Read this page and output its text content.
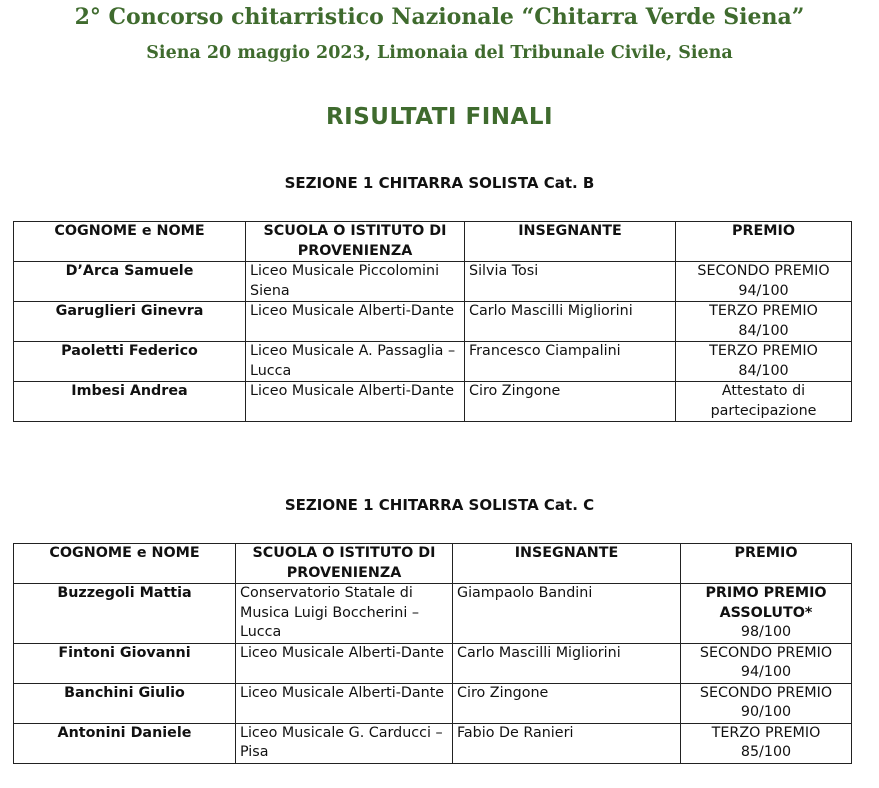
2° Concorso chitarristico Nazionale “Chitarra Verde Siena”
Siena 20 maggio 2023, Limonaia del Tribunale Civile, Siena
RISULTATI FINALI
SEZIONE 1 CHITARRA SOLISTA Cat. B
COGNOME e NOME	SCUOLA O ISTITUTO DI PROVENIENZA	INSEGNANTE	PREMIO
D’Arca Samuele	Liceo Musicale Piccolomini Siena	Silvia Tosi	SECONDO PREMIO
94/100

Garuglieri Ginevra	Liceo Musicale Alberti-Dante	Carlo Mascilli Migliorini	TERZO PREMIO
84/100

Paoletti Federico	Liceo Musicale A. Passaglia – Lucca	Francesco Ciampalini	TERZO PREMIO
84/100

Imbesi Andrea	Liceo Musicale Alberti-Dante	Ciro Zingone	Attestato di partecipazione
SEZIONE 1 CHITARRA SOLISTA Cat. C
COGNOME e NOME	SCUOLA O ISTITUTO DI PROVENIENZA	INSEGNANTE	PREMIO
Buzzegoli Mattia	Conservatorio Statale di Musica Luigi Boccherini – Lucca	Giampaolo Bandini	PRIMO PREMIO ASSOLUTO*
98/100

Fintoni Giovanni	Liceo Musicale Alberti-Dante	Carlo Mascilli Migliorini	SECONDO PREMIO
94/100

Banchini Giulio	Liceo Musicale Alberti-Dante	Ciro Zingone	SECONDO PREMIO
90/100

Antonini Daniele	Liceo Musicale G. Carducci – Pisa	Fabio De Ranieri	TERZO PREMIO
85/100
